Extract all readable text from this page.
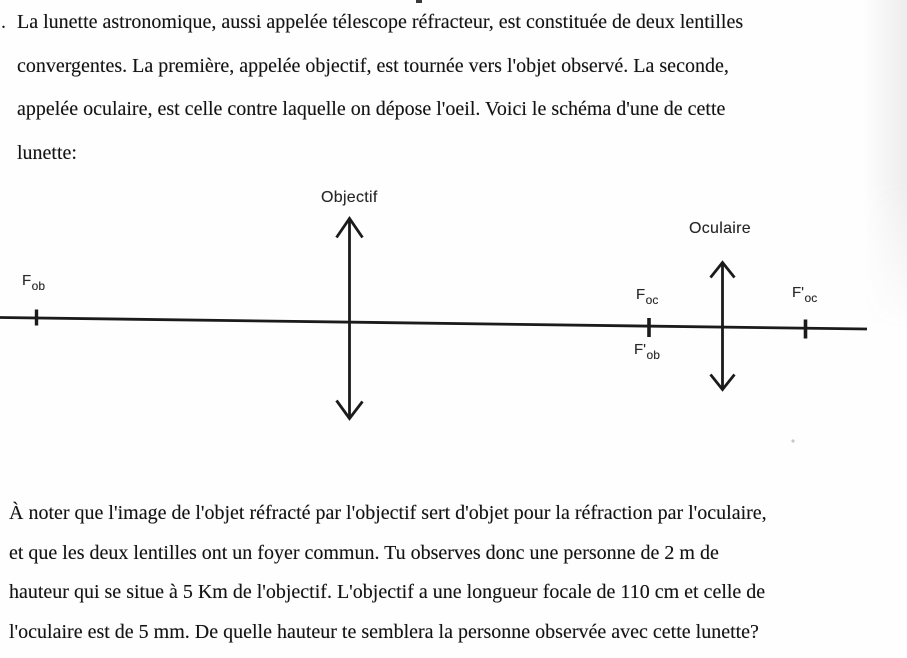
. La lunette astronomique, aussi appelée télescope réfracteur, est constituée de deux lentilles
convergentes. La première, appelée objectif, est tournée vers l'objet observé. La seconde,
appelée oculaire, est celle contre laquelle on dépose l'oeil. Voici le schéma d'une de cette
lunette:
Objectif
Oculaire
$F_{ob}$	$F_{oc}$
$F'_{ob}$
$F'_{oc}$
À noter que l'image de l'objet réfracté par l'objectif sert d'objet pour la réfraction par l'oculaire,
et que les deux lentilles ont un foyer commun. Tu observes donc une personne de 2 m de
hauteur qui se situe à 5 Km de l'objectif. L'objectif a une longueur focale de 110 cm et celle de
l'oculaire est de 5 mm. De quelle hauteur te semblera la personne observée avec cette lunette?
